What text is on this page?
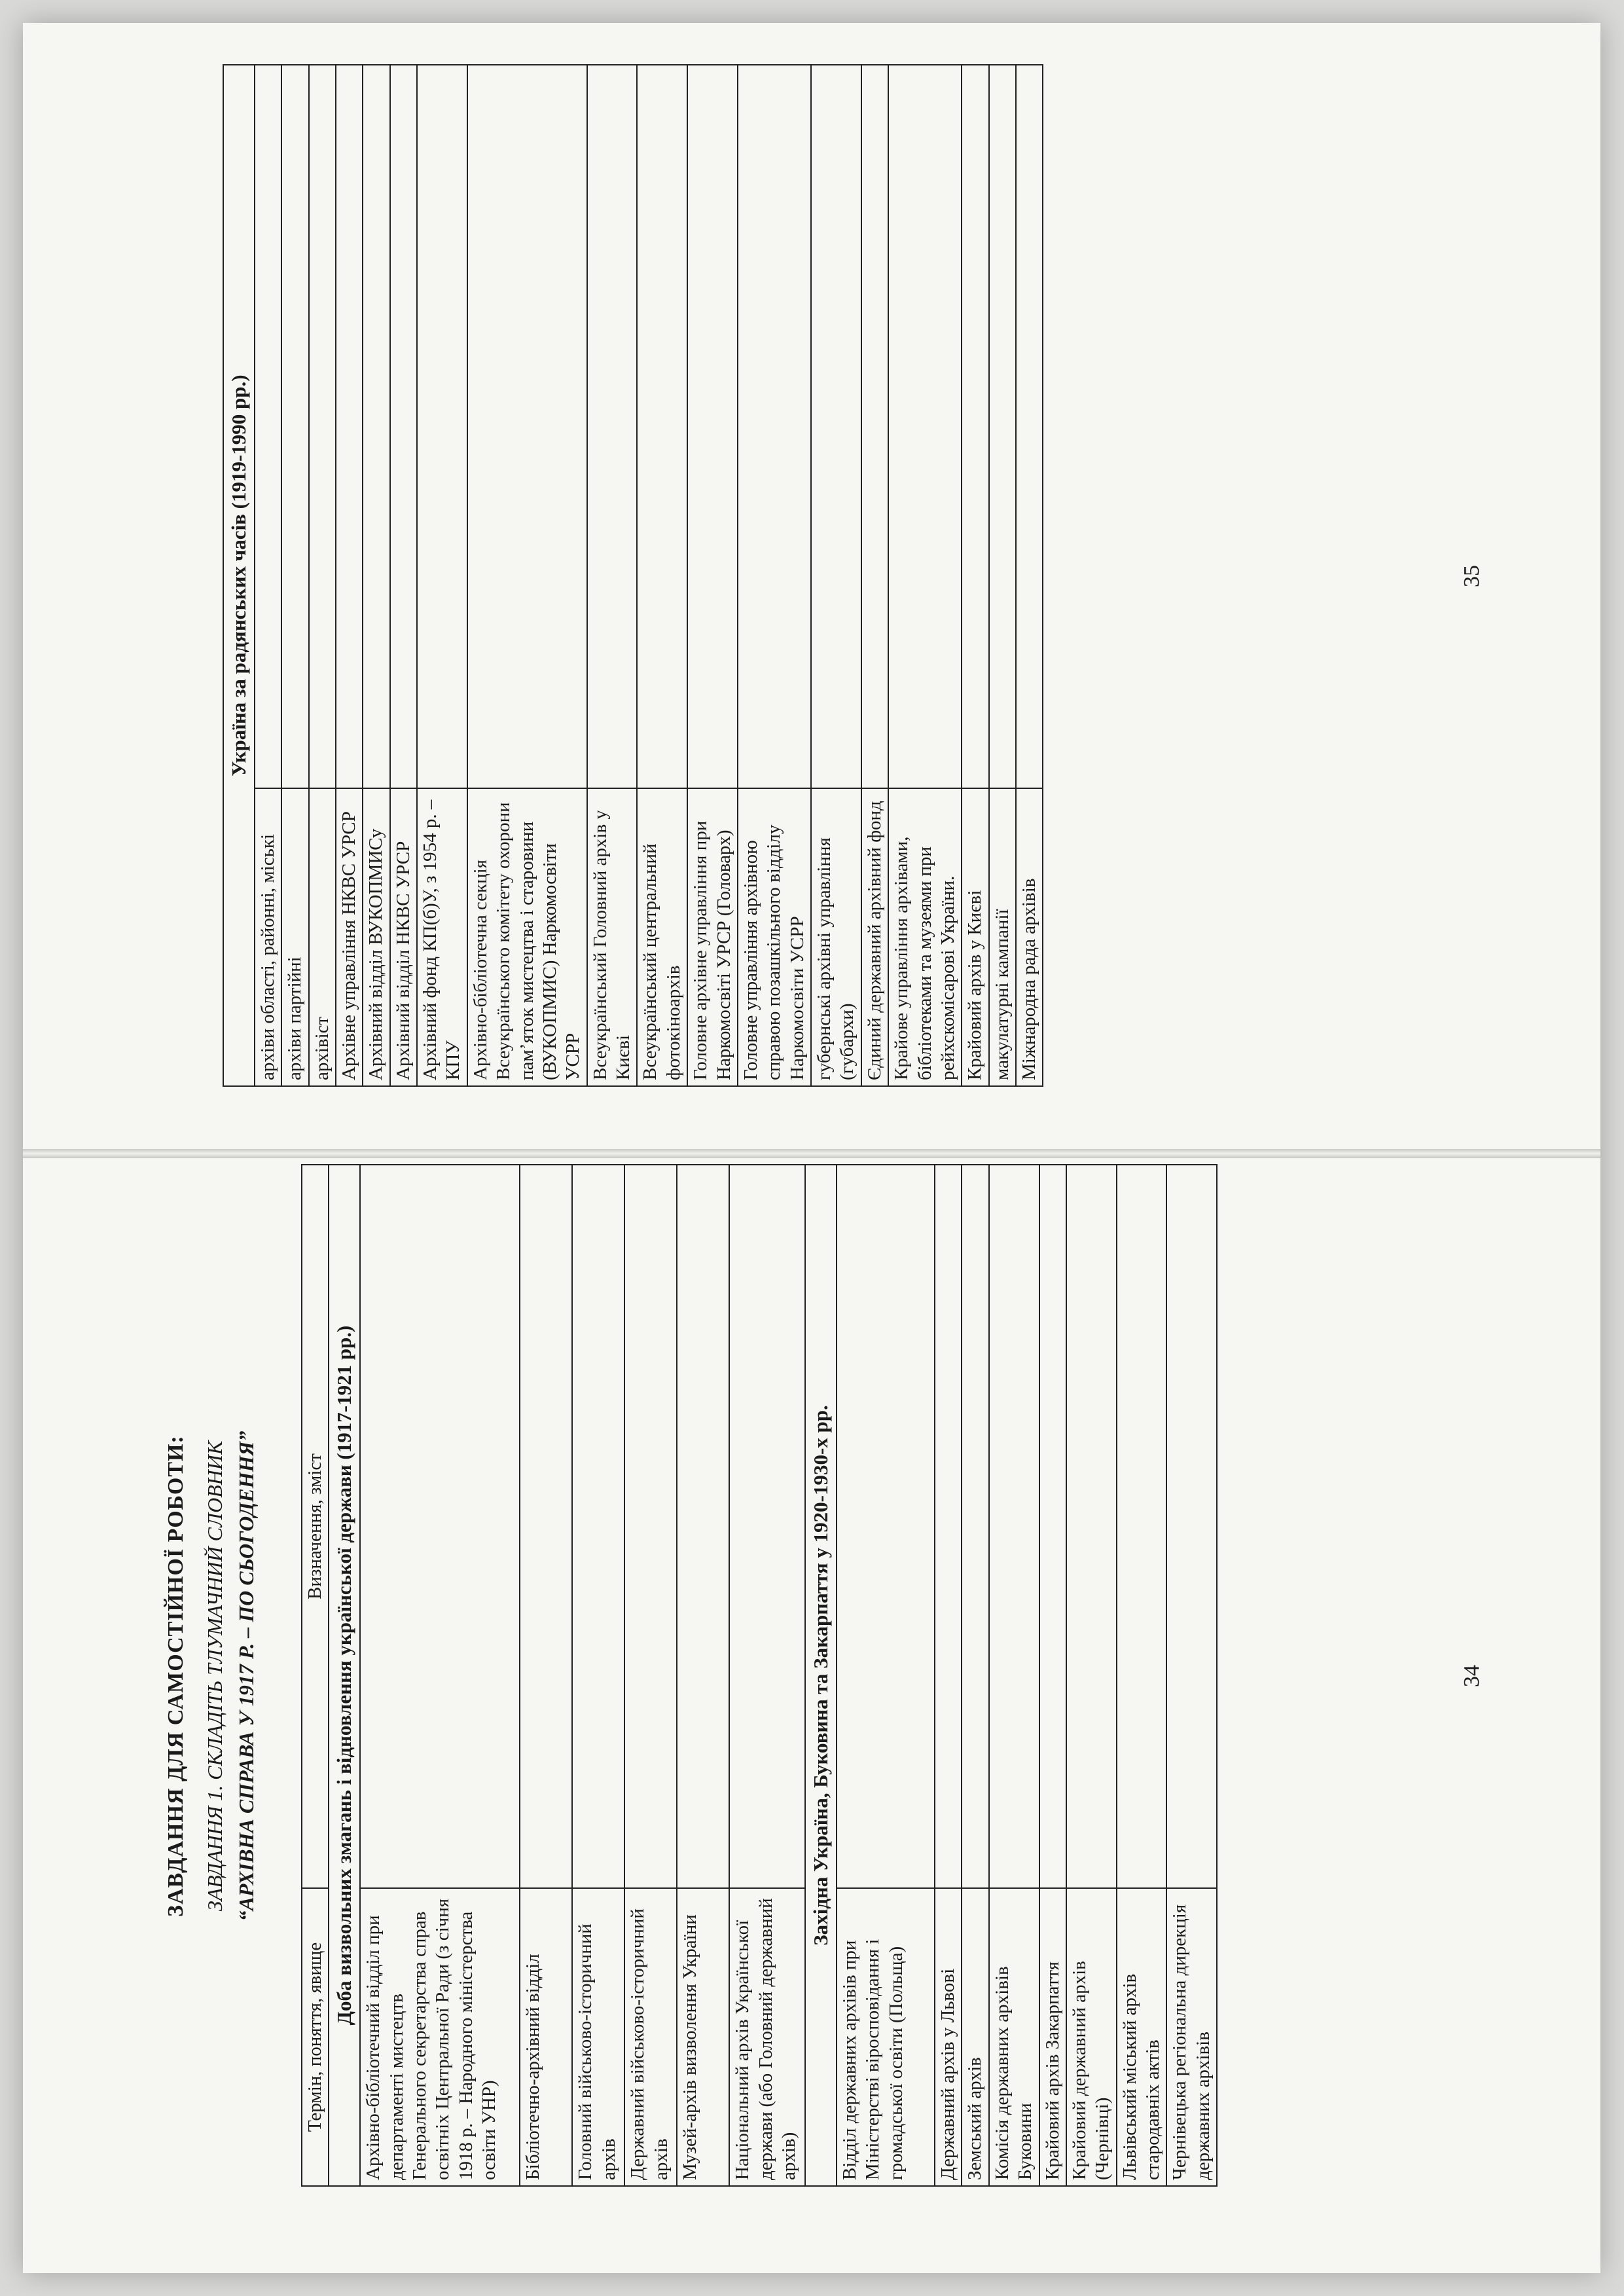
ЗАВДАННЯ ДЛЯ САМОСТІЙНОЇ РОБОТИ: ЗАВДАННЯ 1. СКЛАДІТЬ ТЛУМАЧНИЙ СЛОВНИК “АРХІВНА СПРАВА У 1917 Р. – ПО СЬОГОДЕННЯ”
Термін, поняття, явище	Визначення, зміст
Доба визвольних змагань і відновлення української держави (1917-1921 рр.)	
Архівно-бібліотечний відділ при департаменті мистецтв Генерального секретарства справ освітніх Центральної Ради (з січня 1918 р. – Народного міністерства освіти УНР)	
Бібліотечно-архівний відділ	
Головний військово-історичний архів	
Державний військово-історичний архів	
Музей-архів визволення України	
Національний архів Української держави (або Головний державний архів)	
Західна Україна, Буковина та Закарпаття у 1920-1930-х рр.	
Відділ державних архівів при Міністерстві віросповідання і громадської освіти (Польща)	
Державний архів у Львові	
Земський архів	
Комісія державних архівів Буковини	
Крайовий архів Закарпаття	
Крайовий державний архів (Чернівці)	
Львівський міський архів стародавніх актів	
Чернівецька регіональна дирекція державних архівів	
34
Україна за радянських часів (1919-1990 рр.)	
архіви області, районні, міські	
архіви партійні	
архівіст	
Архівне управління НКВС УРСР	
Архівний відділ ВУКОПМИСу	
Архівний відділ НКВС УРСР	
Архівний фонд КП(б)У, з 1954 р. – КПУ	
Архівно-бібліотечна секція Всеукраїнського комітету охорони пам’яток мистецтва і старовини (ВУКОПМИС) Наркомосвіти УСРР	
Всеукраїнський Головний архів у Києві	
Всеукраїнський центральний фотокіноархів	
Головне архівне управління при Наркомосвіті УРСР (Головарх)	
Головне управління архівною справою позашкільного відділу Наркомосвіти УСРР	
губернські архівні управління (губархи)	
Єдиний державний архівний фонд	
Крайове управління архівами, бібліотеками та музеями при рейхскомісарові України.	
Крайовий архів у Києві	
макулатурні кампанії	
Міжнародна рада архівів	
35
